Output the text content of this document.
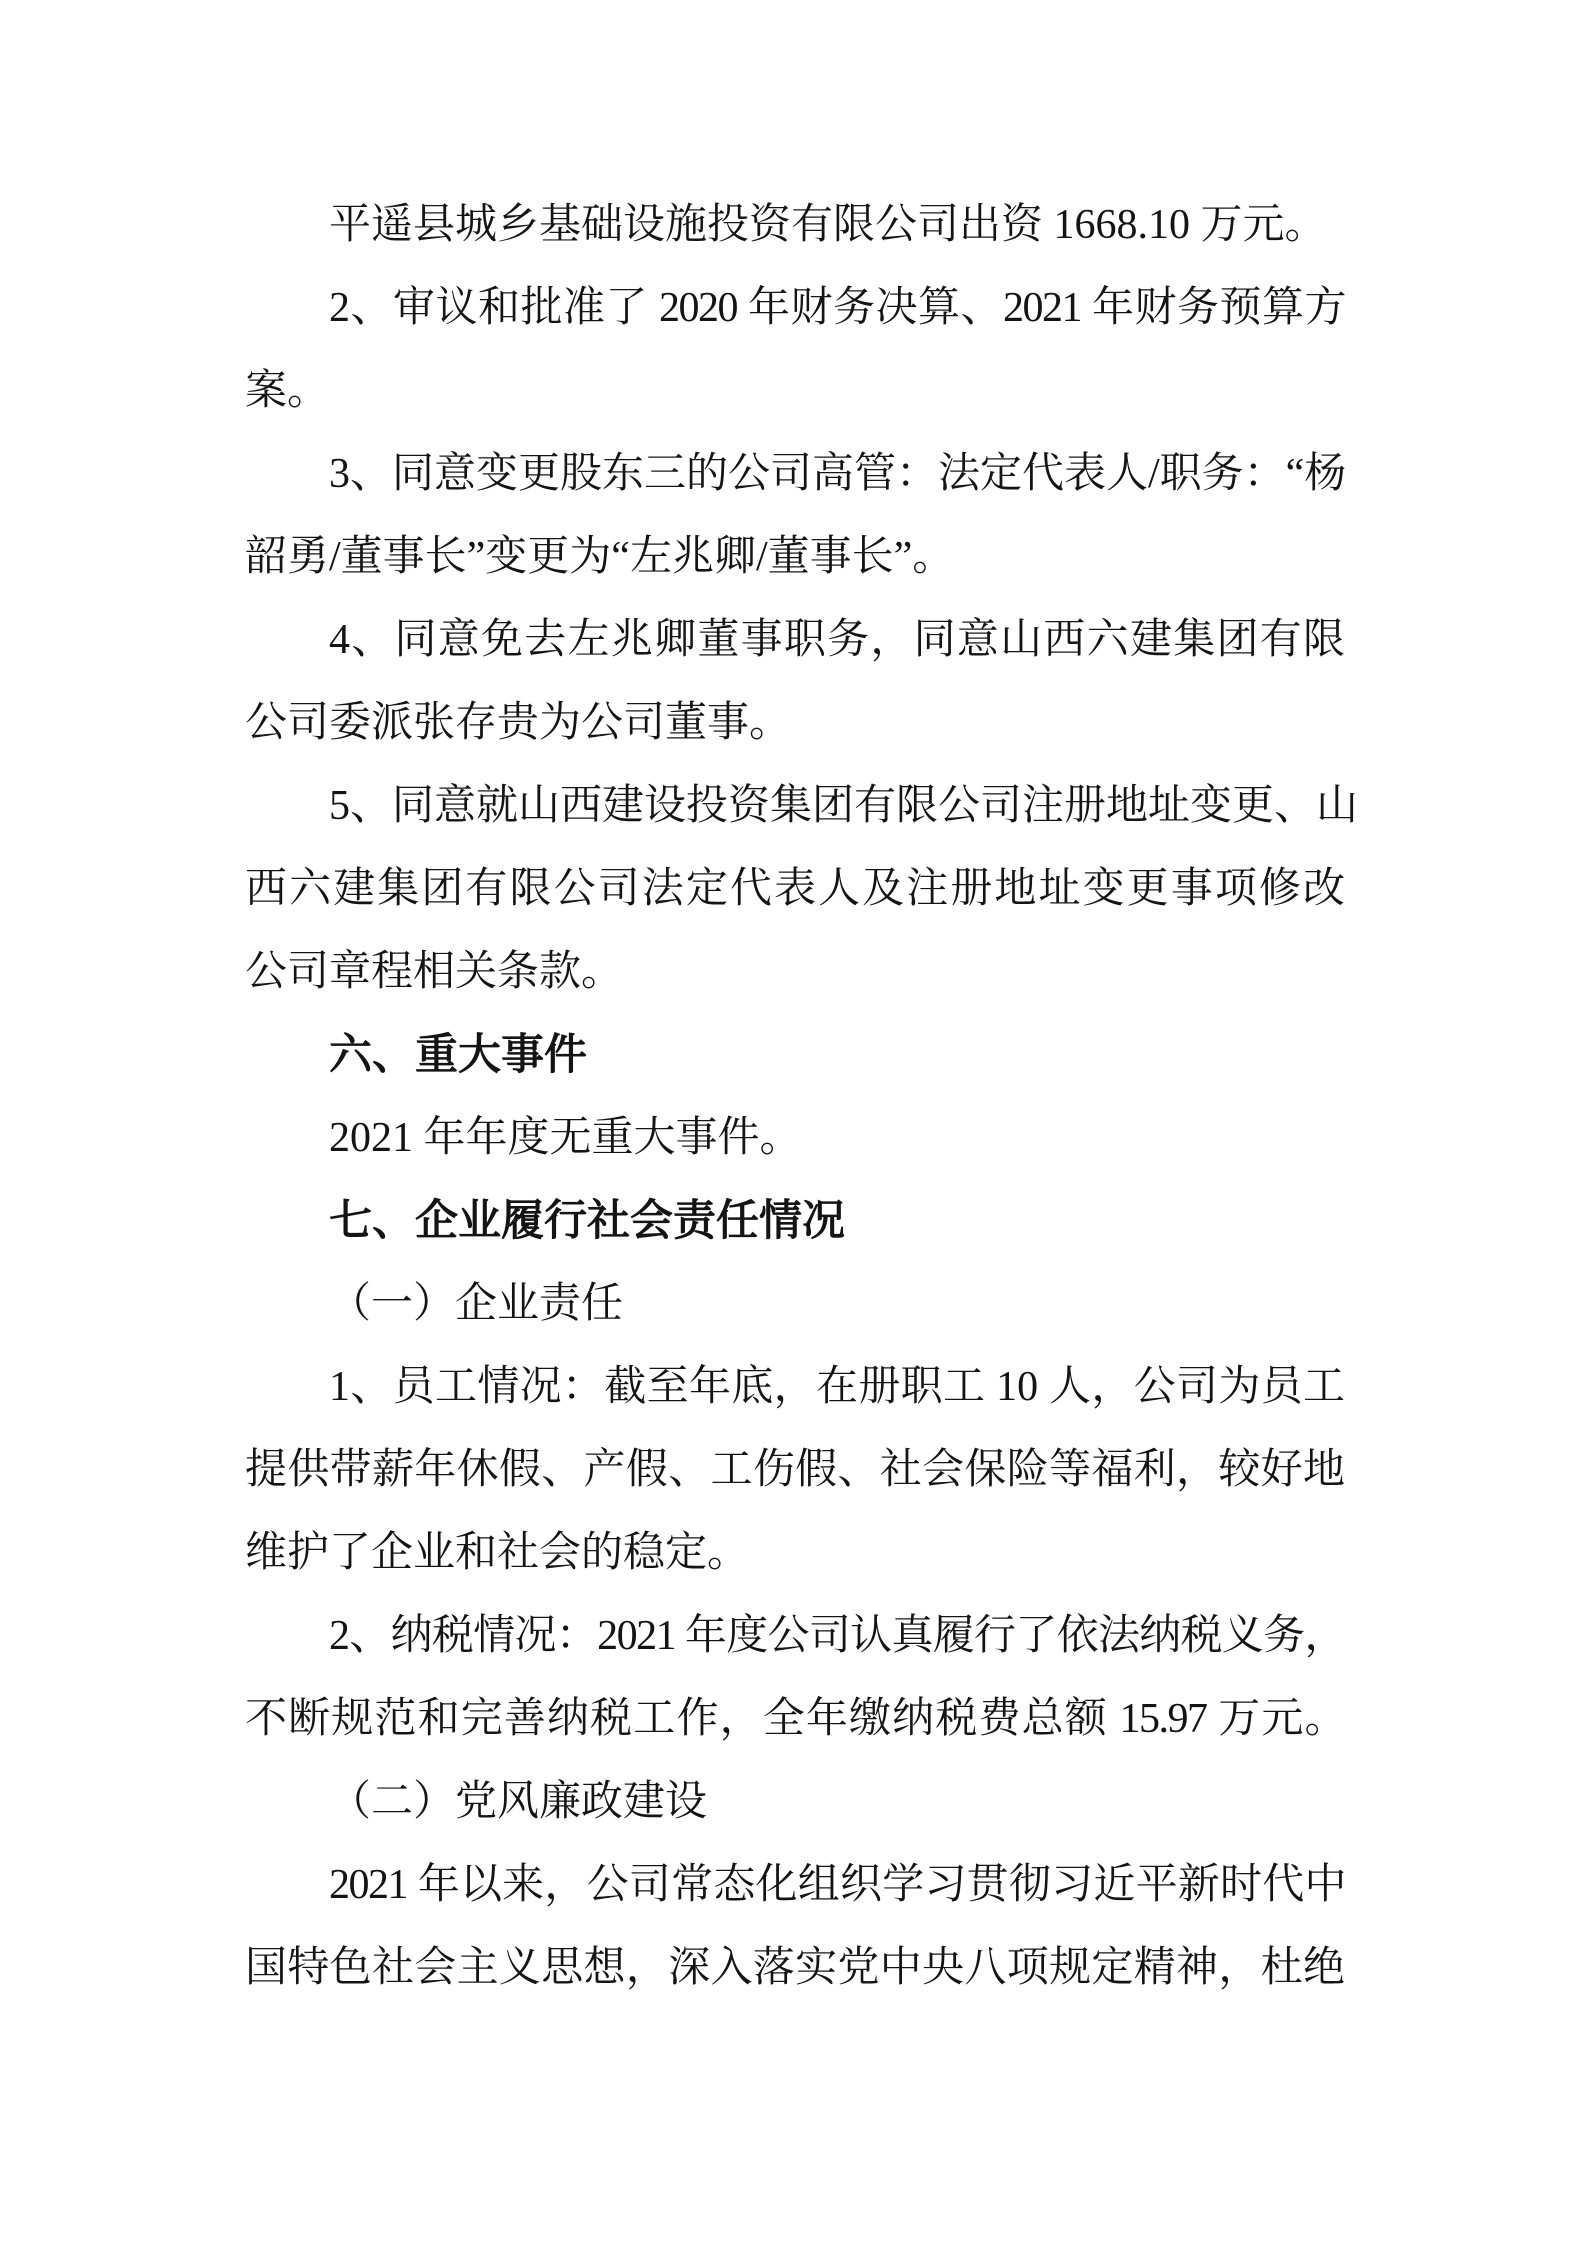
平遥县城乡基础设施投资有限公司出资 1668.10 万元。
2、审议和批准了 2020 年财务决算、2021 年财务预算方
案。
3、同意变更股东三的公司高管：法定代表人/职务：“杨
韶勇/董事长”变更为“左兆卿/董事长”。
4、同意免去左兆卿董事职务，同意山西六建集团有限
公司委派张存贵为公司董事。
5、同意就山西建设投资集团有限公司注册地址变更、山
西六建集团有限公司法定代表人及注册地址变更事项修改
公司章程相关条款。
六、重大事件
2021 年年度无重大事件。
七、企业履行社会责任情况
（一）企业责任
1、员工情况：截至年底，在册职工 10 人，公司为员工
提供带薪年休假、产假、工伤假、社会保险等福利，较好地
维护了企业和社会的稳定。
2、纳税情况：2021 年度公司认真履行了依法纳税义务，
不断规范和完善纳税工作，全年缴纳税费总额 15.97 万元。
（二）党风廉政建设
2021 年以来，公司常态化组织学习贯彻习近平新时代中
国特色社会主义思想，深入落实党中央八项规定精神，杜绝
